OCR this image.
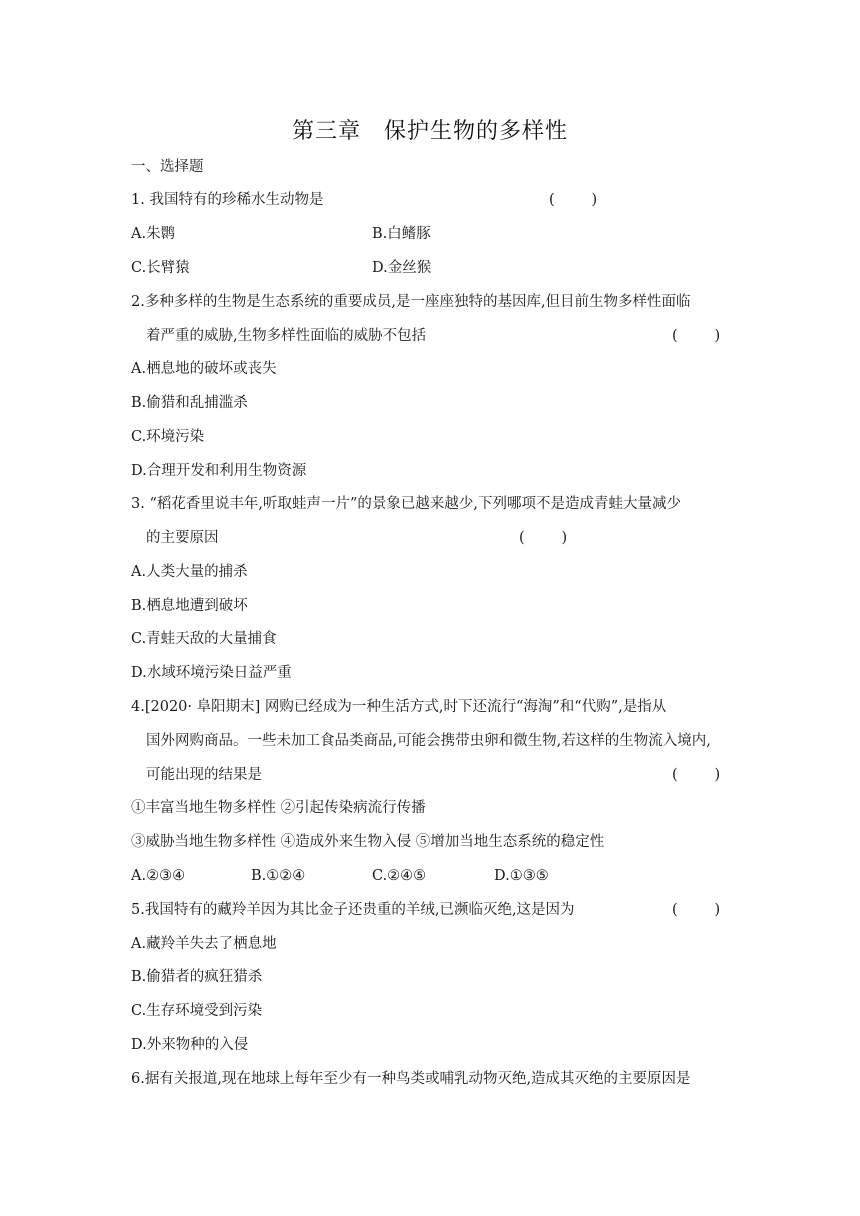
第三章　保护生物的多样性
一、选择题
1. 我国特有的珍稀水生动物是	(        )
A.朱鹮	B.白鳍豚
C.长臂猿	D.金丝猴
2.多种多样的生物是生态系统的重要成员,是一座座独特的基因库,但目前生物多样性面临
着严重的威胁,生物多样性面临的威胁不包括	(        )
A.栖息地的破坏或丧失
B.偷猎和乱捕滥杀
C.环境污染
D.合理开发和利用生物资源
3. “稻花香里说丰年,听取蛙声一片”的景象已越来越少,下列哪项不是造成青蛙大量减少
的主要原因	(        )
A.人类大量的捕杀
B.栖息地遭到破坏
C.青蛙天敌的大量捕食
D.水域环境污染日益严重
4.[2020· 阜阳期末] 网购已经成为一种生活方式,时下还流行“海淘”和“代购”,是指从
国外网购商品。一些未加工食品类商品,可能会携带虫卵和微生物,若这样的生物流入境内,
可能出现的结果是	(        )
①丰富当地生物多样性 ②引起传染病流行传播
③威胁当地生物多样性 ④造成外来生物入侵 ⑤增加当地生态系统的稳定性
A.②③④	B.①②④	C.②④⑤	D.①③⑤
5.我国特有的藏羚羊因为其比金子还贵重的羊绒,已濒临灭绝,这是因为	(        )
A.藏羚羊失去了栖息地
B.偷猎者的疯狂猎杀
C.生存环境受到污染
D.外来物种的入侵
6.据有关报道,现在地球上每年至少有一种鸟类或哺乳动物灭绝,造成其灭绝的主要原因是
